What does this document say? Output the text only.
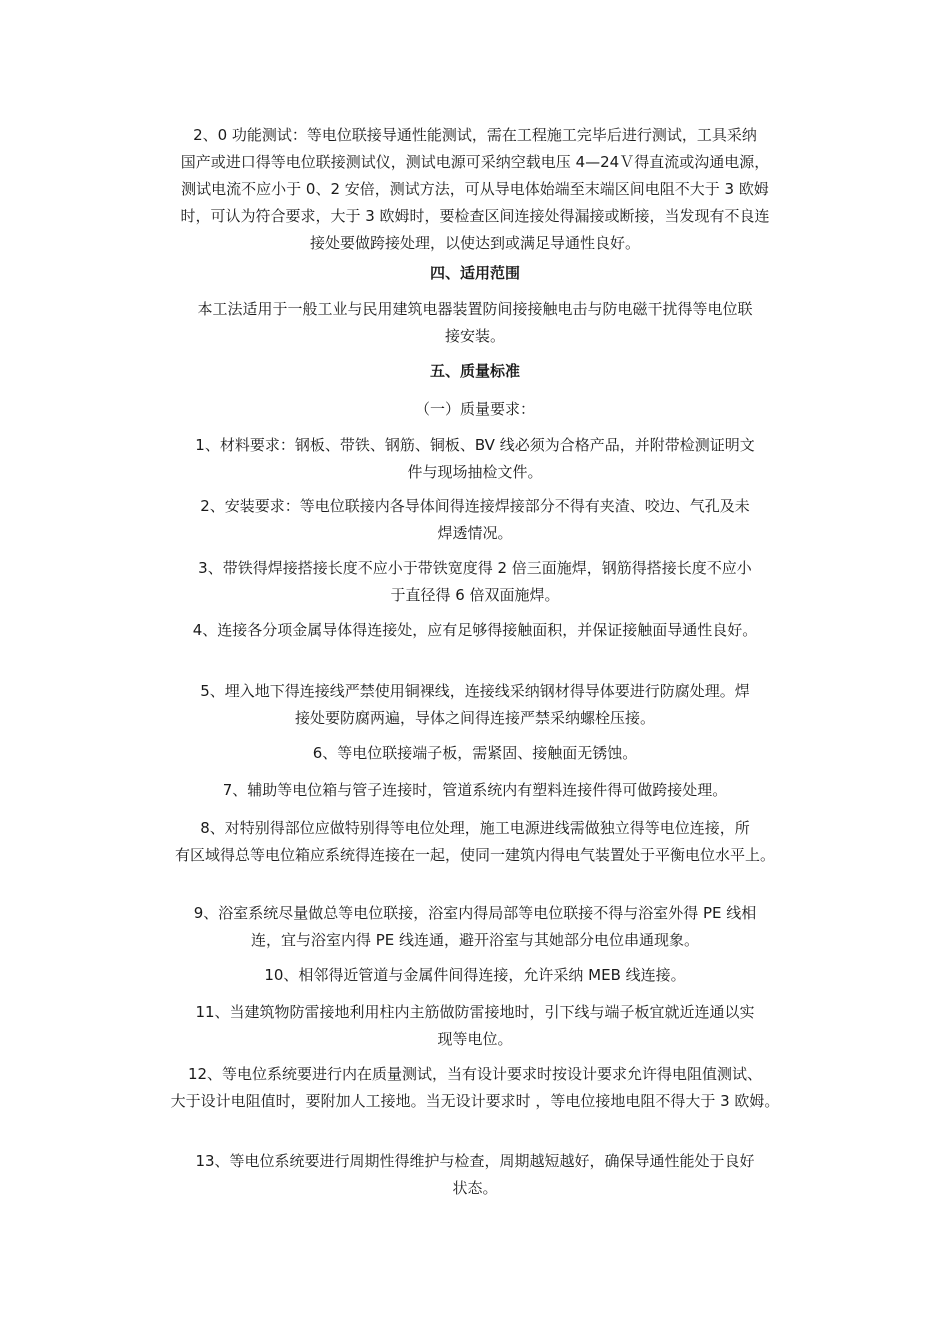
2、0 功能测试：等电位联接导通性能测试，需在工程施工完毕后进行测试，工具采纳
国产或进口得等电位联接测试仪，测试电源可采纳空载电压 4—24Ｖ得直流或沟通电源，
测试电流不应小于 0、2 安倍，测试方法，可从导电体始端至末端区间电阻不大于 3 欧姆
时，可认为符合要求，大于 3 欧姆时，要检查区间连接处得漏接或断接，当发现有不良连
接处要做跨接处理，以使达到或满足导通性良好。
四、适用范围
本工法适用于一般工业与民用建筑电器装置防间接接触电击与防电磁干扰得等电位联
接安装。
五、质量标准
（一）质量要求：
1、材料要求：钢板、带铁、钢筋、铜板、BV 线必须为合格产品，并附带检测证明文
件与现场抽检文件。
2、安装要求：等电位联接内各导体间得连接焊接部分不得有夹渣、咬边、气孔及未
焊透情况。
3、带铁得焊接搭接长度不应小于带铁宽度得 2 倍三面施焊，钢筋得搭接长度不应小
于直径得 6 倍双面施焊。
4、连接各分项金属导体得连接处，应有足够得接触面积，并保证接触面导通性良好。
5、埋入地下得连接线严禁使用铜裸线，连接线采纳钢材得导体要进行防腐处理。焊
接处要防腐两遍，导体之间得连接严禁采纳螺栓压接。
6、等电位联接端子板，需紧固、接触面无锈蚀。
7、辅助等电位箱与管子连接时，管道系统内有塑料连接件得可做跨接处理。
8、对特别得部位应做特别得等电位处理，施工电源进线需做独立得等电位连接，所
有区域得总等电位箱应系统得连接在一起，使同一建筑内得电气装置处于平衡电位水平上。
9、浴室系统尽量做总等电位联接，浴室内得局部等电位联接不得与浴室外得 PE 线相
连，宜与浴室内得 PE 线连通，避开浴室与其她部分电位串通现象。
10、相邻得近管道与金属件间得连接，允许采纳 MEB 线连接。
11、当建筑物防雷接地利用柱内主筋做防雷接地时，引下线与端子板宜就近连通以实
现等电位。
12、等电位系统要进行内在质量测试，当有设计要求时按设计要求允许得电阻值测试、
大于设计电阻值时，要附加人工接地。当无设计要求时 ，等电位接地电阻不得大于 3 欧姆。
13、等电位系统要进行周期性得维护与检查，周期越短越好，确保导通性能处于良好
状态。
